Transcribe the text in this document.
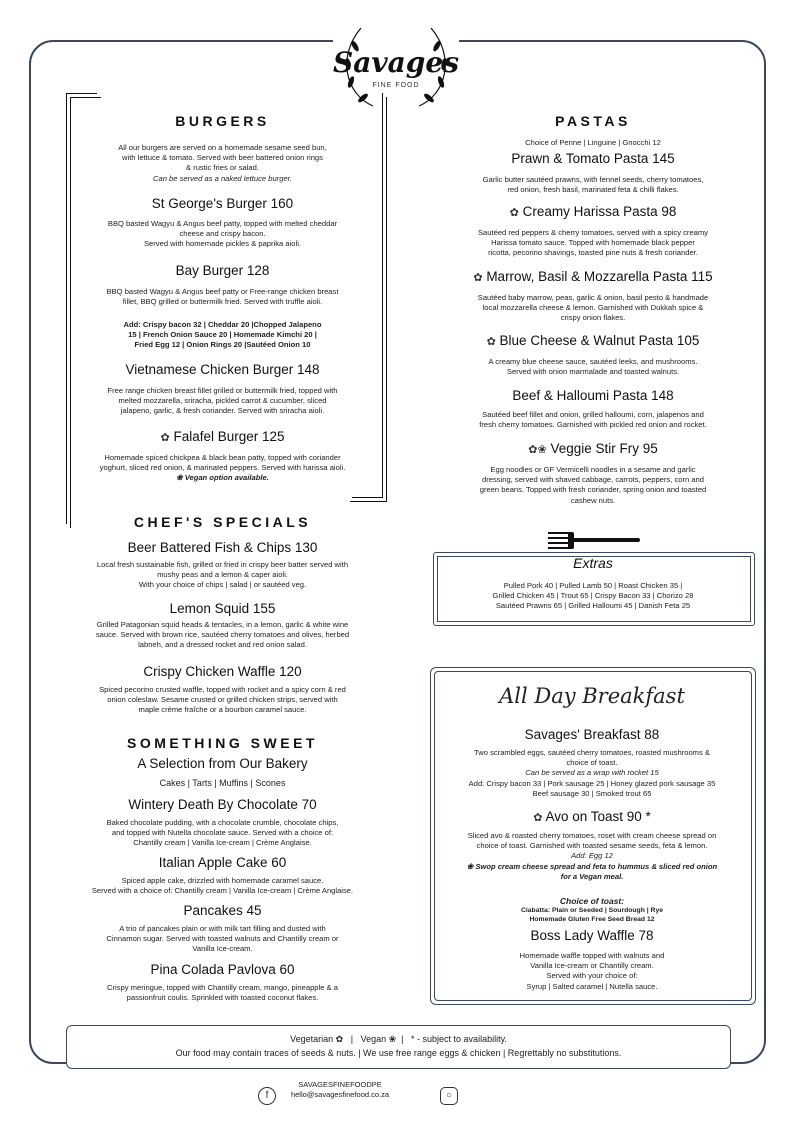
Savages
FINE FOOD
BURGERS
All our burgers are served on a homemade sesame seed bun,
with lettuce & tomato. Served with beer battered onion rings
& rustic fries or salad.
Can be served as a naked lettuce burger.
St George's Burger 160
BBQ basted Wagyu & Angus beef patty, topped with melted cheddar
cheese and crispy bacon.
Served with homemade pickles & paprika aioli.
Bay Burger 128
BBQ basted Wagyu & Angus beef patty or Free-range chicken breast
fillet, BBQ grilled or buttermilk fried. Served with truffle aioli.
Add: Crispy bacon 32 | Cheddar 20 |Chopped Jalapeno
15 | French Onion Sauce 20 | Homemade Kimchi 20 |
Fried Egg 12 | Onion Rings 20 |Sautéed Onion 10
Vietnamese Chicken Burger 148
Free range chicken breast fillet grilled or buttermilk fried, topped with
melted mozzarella, sriracha, pickled carrot & cucumber, sliced
jalapeno, garlic, & fresh coriander. Served with sriracha aioli.
✿ Falafel Burger 125
Homemade spiced chickpea & black bean patty, topped with coriander
yoghurt, sliced red onion, & marinated peppers. Served with harissa aioli.
❀ Vegan option available.
CHEF'S SPECIALS
Beer Battered Fish & Chips 130
Local fresh sustainable fish, grilled or fried in crispy beer batter served with
mushy peas and a lemon & caper aioli.
With your choice of chips | salad | or sautéed veg.
Lemon Squid 155
Grilled Patagonian squid heads & tentacles, in a lemon, garlic & white wine
sauce. Served with brown rice, sautéed cherry tomatoes and olives, herbed
labneh, and a dressed rocket and red onion salad.
Crispy Chicken Waffle 120
Spiced pecorino crusted waffle, topped with rocket and a spicy corn & red
onion coleslaw. Sesame crusted or grilled chicken strips, served with
maple crème fraîche or a bourbon caramel sauce.
SOMETHING SWEET
A Selection from Our Bakery
Cakes | Tarts | Muffins | Scones
Wintery Death By Chocolate 70
Baked chocolate pudding, with a chocolate crumble, chocolate chips,
and topped with Nutella chocolate sauce. Served with a choice of:
Chantilly cream | Vanilla Ice-cream | Crème Anglaise.
Italian Apple Cake 60
Spiced apple cake, drizzled with homemade caramel sauce.
Served with a choice of: Chantilly cream | Vanilla Ice-cream | Crème Anglaise.
Pancakes 45
A trio of pancakes plain or with milk tart filling and dusted with
Cinnamon sugar. Served with toasted walnuts and Chantilly cream or
Vanilla Ice-cream.
Pina Colada Pavlova 60
Crispy meringue, topped with Chantilly cream, mango, pineapple & a
passionfruit coulis. Sprinkled with toasted coconut flakes.
PASTAS
Choice of Penne | Linguine | Gnocchi 12
Prawn & Tomato Pasta 145
Garlic butter sautéed prawns, with fennel seeds, cherry tomatoes,
red onion, fresh basil, marinated feta & chilli flakes.
✿ Creamy Harissa Pasta 98
Sautéed red peppers & cherry tomatoes, served with a spicy creamy
Harissa tomato sauce. Topped with homemade black pepper
ricotta, pecorino shavings, toasted pine nuts & fresh coriander.
✿ Marrow, Basil & Mozzarella Pasta 115
Sautéed baby marrow, peas, garlic & onion, basil pesto & handmade
local mozzarella cheese & lemon. Garnished with Dukkah spice &
crispy onion flakes.
✿ Blue Cheese & Walnut Pasta 105
A creamy blue cheese sauce, sautéed leeks, and mushrooms.
Served with onion marmalade and toasted walnuts.
Beef & Halloumi Pasta 148
Sautéed beef fillet and onion, grilled halloumi, corn, jalapenos and
fresh cherry tomatoes. Garnished with pickled red onion and rocket.
✿❀ Veggie Stir Fry 95
Egg noodles or GF Vermicelli noodles in a sesame and garlic
dressing, served with shaved cabbage, carrots, peppers, corn and
green beans. Topped with fresh coriander, spring onion and toasted
cashew nuts.
Extras
Pulled Pork 40 | Pulled Lamb 50 | Roast Chicken 35 |
Grilled Chicken 45 | Trout 65 | Crispy Bacon 33 | Chorizo 28
Sautéed Prawns 65 | Grilled Halloumi 45 | Danish Feta 25
All Day Breakfast
Savages' Breakfast 88
Two scrambled eggs, sautéed cherry tomatoes, roasted mushrooms &
choice of toast.
Can be served as a wrap with rocket 15
Add: Crispy bacon 33 | Pork sausage 25 | Honey glazed pork sausage 35
Beef sausage 30 | Smoked trout 65
✿ Avo on Toast 90 *
Sliced avo & roasted cherry tomatoes, roset with cream cheese spread on
choice of toast. Garnished with toasted sesame seeds, feta & lemon.
Add: Egg 12
❀ Swop cream cheese spread and feta to hummus & sliced red onion
for a Vegan meal.
Choice of toast:
Ciabatta: Plain or Seeded | Sourdough | Rye
Homemade Gluten Free Seed Bread 12
Boss Lady Waffle 78
Homemade waffle topped with walnuts and
Vanilla Ice-cream or Chantilly cream.
Served with your choice of:
Syrup | Salted caramel | Nutella sauce.
Vegetarian ✿ | Vegan ❀ | * - subject to availability.
Our food may contain traces of seeds & nuts. | We use free range eggs & chicken | Regrettably no substitutions.
f
SAVAGESFINEFOODPE
hello@savagesfinefood.co.za	○
